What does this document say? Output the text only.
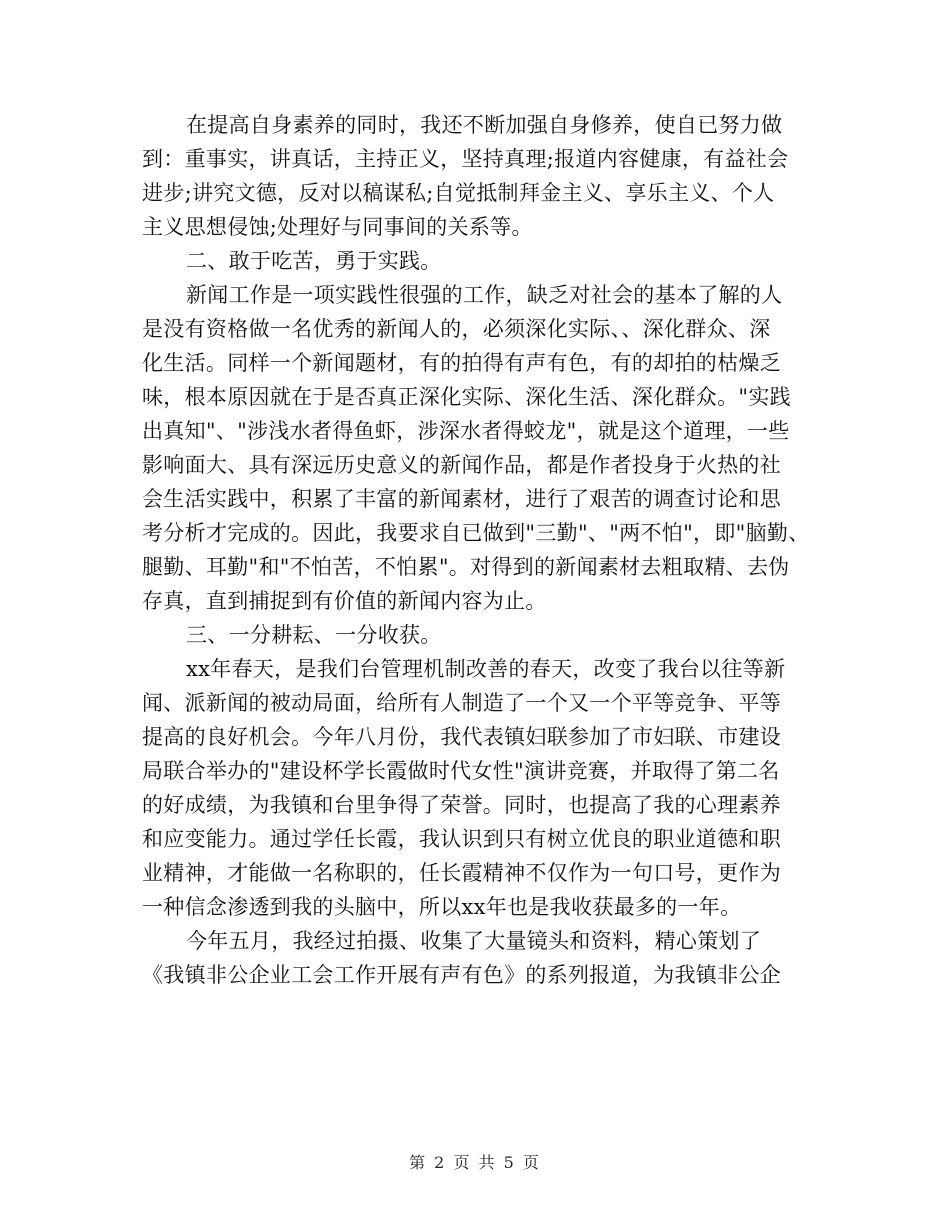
在提高自身素养的同时，我还不断加强自身修养，使自已努力做
到：重事实，讲真话，主持正义，坚持真理;报道内容健康，有益社会
进步;讲究文德，反对以稿谋私;自觉抵制拜金主义、享乐主义、个人
主义思想侵蚀;处理好与同事间的关系等。
二、敢于吃苦，勇于实践。
新闻工作是一项实践性很强的工作，缺乏对社会的基本了解的人
是没有资格做一名优秀的新闻人的，必须深化实际、、深化群众、深
化生活。同样一个新闻题材，有的拍得有声有色，有的却拍的枯燥乏
味，根本原因就在于是否真正深化实际、深化生活、深化群众。"实践
出真知"、"涉浅水者得鱼虾，涉深水者得蛟龙"，就是这个道理，一些
影响面大、具有深远历史意义的新闻作品，都是作者投身于火热的社
会生活实践中，积累了丰富的新闻素材，进行了艰苦的调查讨论和思
考分析才完成的。因此，我要求自已做到"三勤"、"两不怕"，即"脑勤、
腿勤、耳勤"和"不怕苦，不怕累"。对得到的新闻素材去粗取精、去伪
存真，直到捕捉到有价值的新闻内容为止。
三、一分耕耘、一分收获。
xx年春天，是我们台管理机制改善的春天，改变了我台以往等新
闻、派新闻的被动局面，给所有人制造了一个又一个平等竞争、平等
提高的良好机会。今年八月份，我代表镇妇联参加了市妇联、市建设
局联合举办的"建设杯学长霞做时代女性"演讲竞赛，并取得了第二名
的好成绩，为我镇和台里争得了荣誉。同时，也提高了我的心理素养
和应变能力。通过学任长霞，我认识到只有树立优良的职业道德和职
业精神，才能做一名称职的，任长霞精神不仅作为一句口号，更作为
一种信念渗透到我的头脑中，所以xx年也是我收获最多的一年。
今年五月，我经过拍摄、收集了大量镜头和资料，精心策划了
《我镇非公企业工会工作开展有声有色》的系列报道，为我镇非公企
第 2 页 共 5 页
